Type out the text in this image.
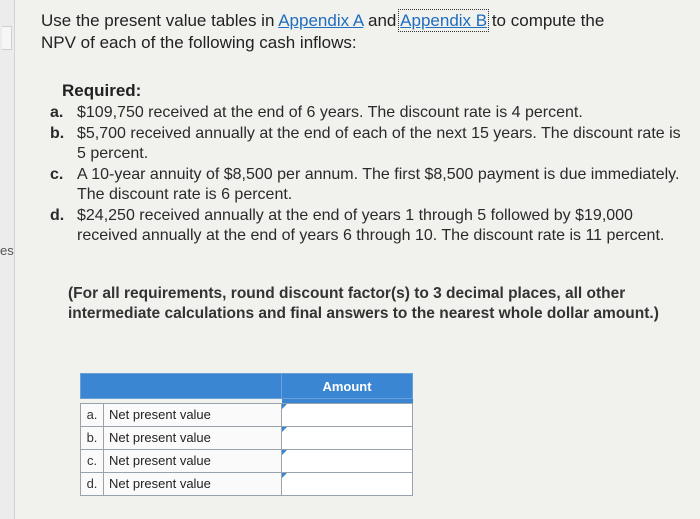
es
Use the present value tables in Appendix A and Appendix B to compute the
NPV of each of the following cash inflows:
Required:
a. $109,750 received at the end of 6 years. The discount rate is 4 percent.
b. $5,700 received annually at the end of each of the next 15 years. The discount rate is 5 percent.
c. A 10-year annuity of $8,500 per annum. The first $8,500 payment is due immediately. The discount rate is 6 percent.
d. $24,250 received annually at the end of years 1 through 5 followed by $19,000 received annually at the end of years 6 through 10. The discount rate is 11 percent.
(For all requirements, round discount factor(s) to 3 decimal places, all other intermediate calculations and final answers to the nearest whole dollar amount.)
	Amount

a. Net present value	

b. Net present value	

c. Net present value	

d. Net present value	
